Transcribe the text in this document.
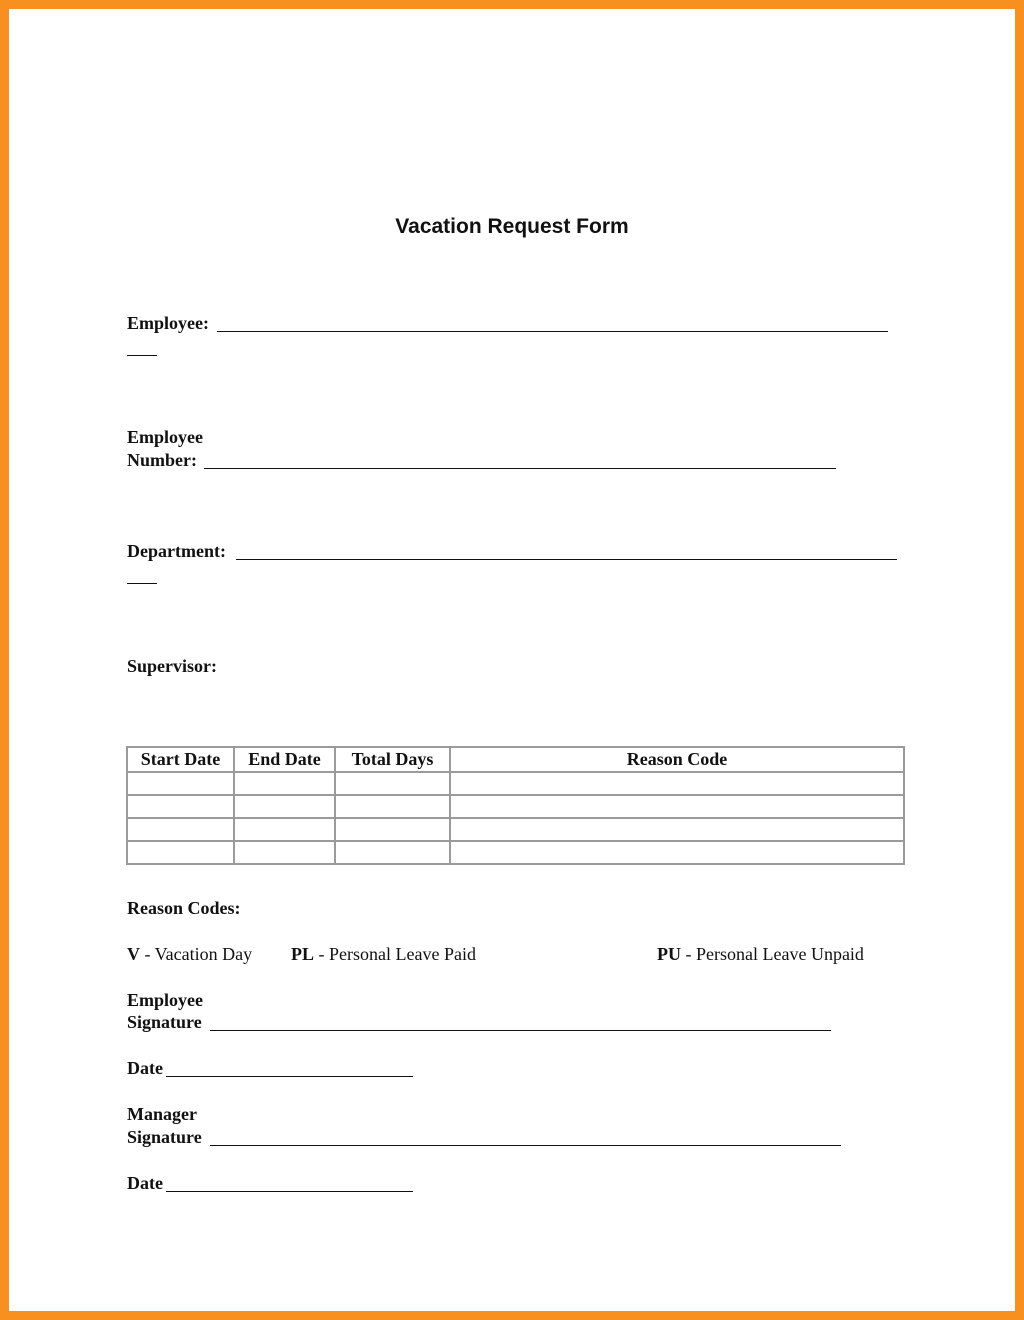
Vacation Request Form
Employee:
Employee
Number:
Department:
Supervisor:
Start Date	End Date	Total Days	Reason Code

Reason Codes:
V - Vacation Day PL - Personal Leave Paid	PU - Personal Leave Unpaid
Employee
Signature
Date
Manager
Signature
Date
